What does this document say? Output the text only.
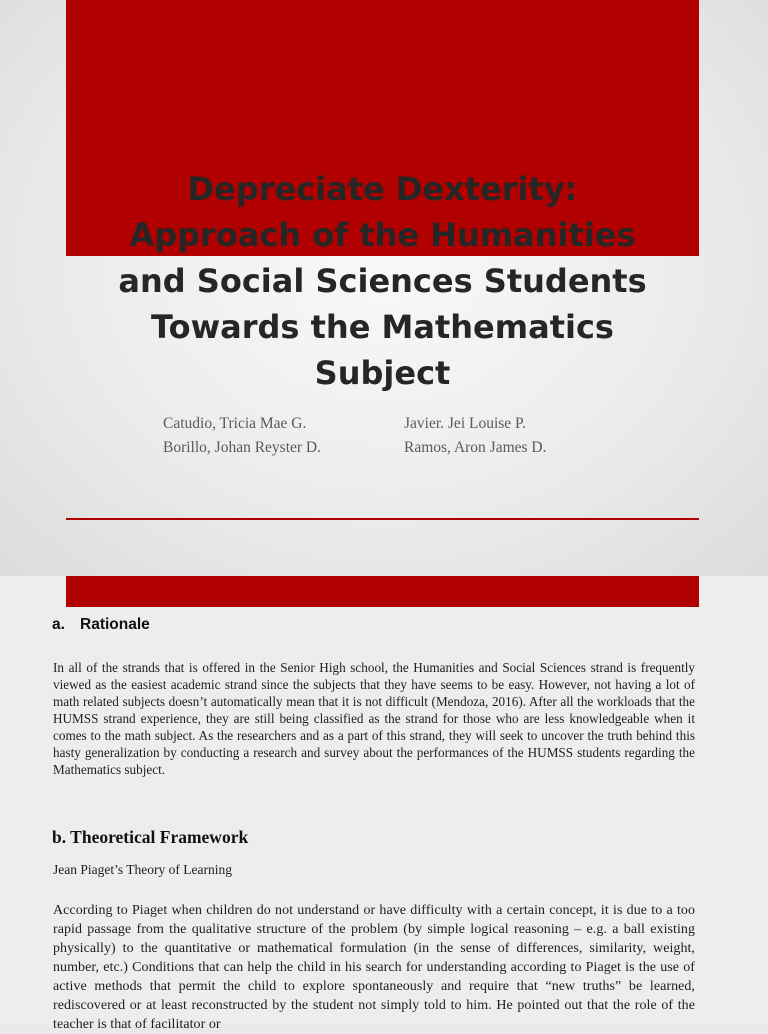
Depreciate Dexterity:
Approach of the Humanities
and Social Sciences Students
Towards the Mathematics
Subject
Catudio, Tricia Mae G.	Javier. Jei Louise P.
Borillo, Johan Reyster D.	Ramos, Aron James D.
a. Rationale

In all of the strands that is offered in the Senior High school, the Humanities and Social Sciences strand is frequently viewed as the easiest academic strand since the subjects that they have seems to be easy. However, not having a lot of math related subjects doesn’t automatically mean that it is not difficult (Mendoza, 2016). After all the workloads that the HUMSS strand experience, they are still being classified as the strand for those who are less knowledgeable when it comes to the math subject. As the researchers and as a part of this strand, they will seek to uncover the truth behind this hasty generalization by conducting a research and survey about the performances of the HUMSS students regarding the Mathematics subject.

b. Theoretical Framework

Jean Piaget’s Theory of Learning

According to Piaget when children do not understand or have difficulty with a certain concept, it is due to a too rapid passage from the qualitative structure of the problem (by simple logical reasoning – e.g. a ball existing physically) to the quantitative or mathematical formulation (in the sense of differences, similarity, weight, number, etc.) Conditions that can help the child in his search for understanding according to Piaget is the use of active methods that permit the child to explore spontaneously and require that “new truths” be learned, rediscovered or at least reconstructed by the student not simply told to him. He pointed out that the role of the teacher is that of facilitator or
